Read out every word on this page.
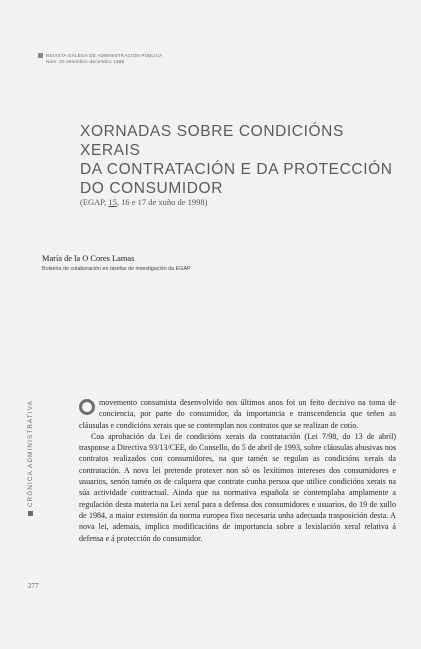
REVISTA GALEGA DE ADMINISTRACIÓN PÚBLICA
Núm. 20 setembro–decembro 1998
XORNADAS SOBRE CONDICIÓNS XERAIS
DA CONTRATACIÓN E DA PROTECCIÓN
DO CONSUMIDOR
(EGAP, 15, 16 e 17 de xuño de 1998)
María de la O Cores Lamas
Bolseira de colaboración en tarefas de investigación da EGAP

movemento consumista desenvolvido nos últimos anos foi un feito decisivo na toma de conciencia, por parte do consumidor, da importancia e transcendencia que teñen as cláusulas e condicións xerais que se contemplan nos contratos que se realizan de cotío.

Coa aprobación da Lei de condicións xerais da contratación (Lei 7/98, do 13 de abril) trasponse a Directiva 93/13/CEE, do Consello, do 5 de abril de 1993, sobre cláusulas abusivas nos contratos realizados con consumidores, na que tamén se regulan as condicións xerais da contratación. A nova lei pretende protexer non só os lexítimos intereses dos consumidores e usuarios, senón tamén os de calquera que contrate cunha persoa que utilice condicións xerais na súa actividade contractual. Ainda que na normativa española se contemplaba amplamente a regulación desta materia na Lei xeral para a defensa dos consumidores e usuarios, do 19 de xullo de 1984, a maior extensión da norma europea fixo necesaria unha adecuada trasposición desta. A nova lei, ademais, implica modificacións de importancia sobre a lexislación xeral relativa á defensa e á protección do consumidor.

CRÓNICA ADMINISTRATIVA
277
